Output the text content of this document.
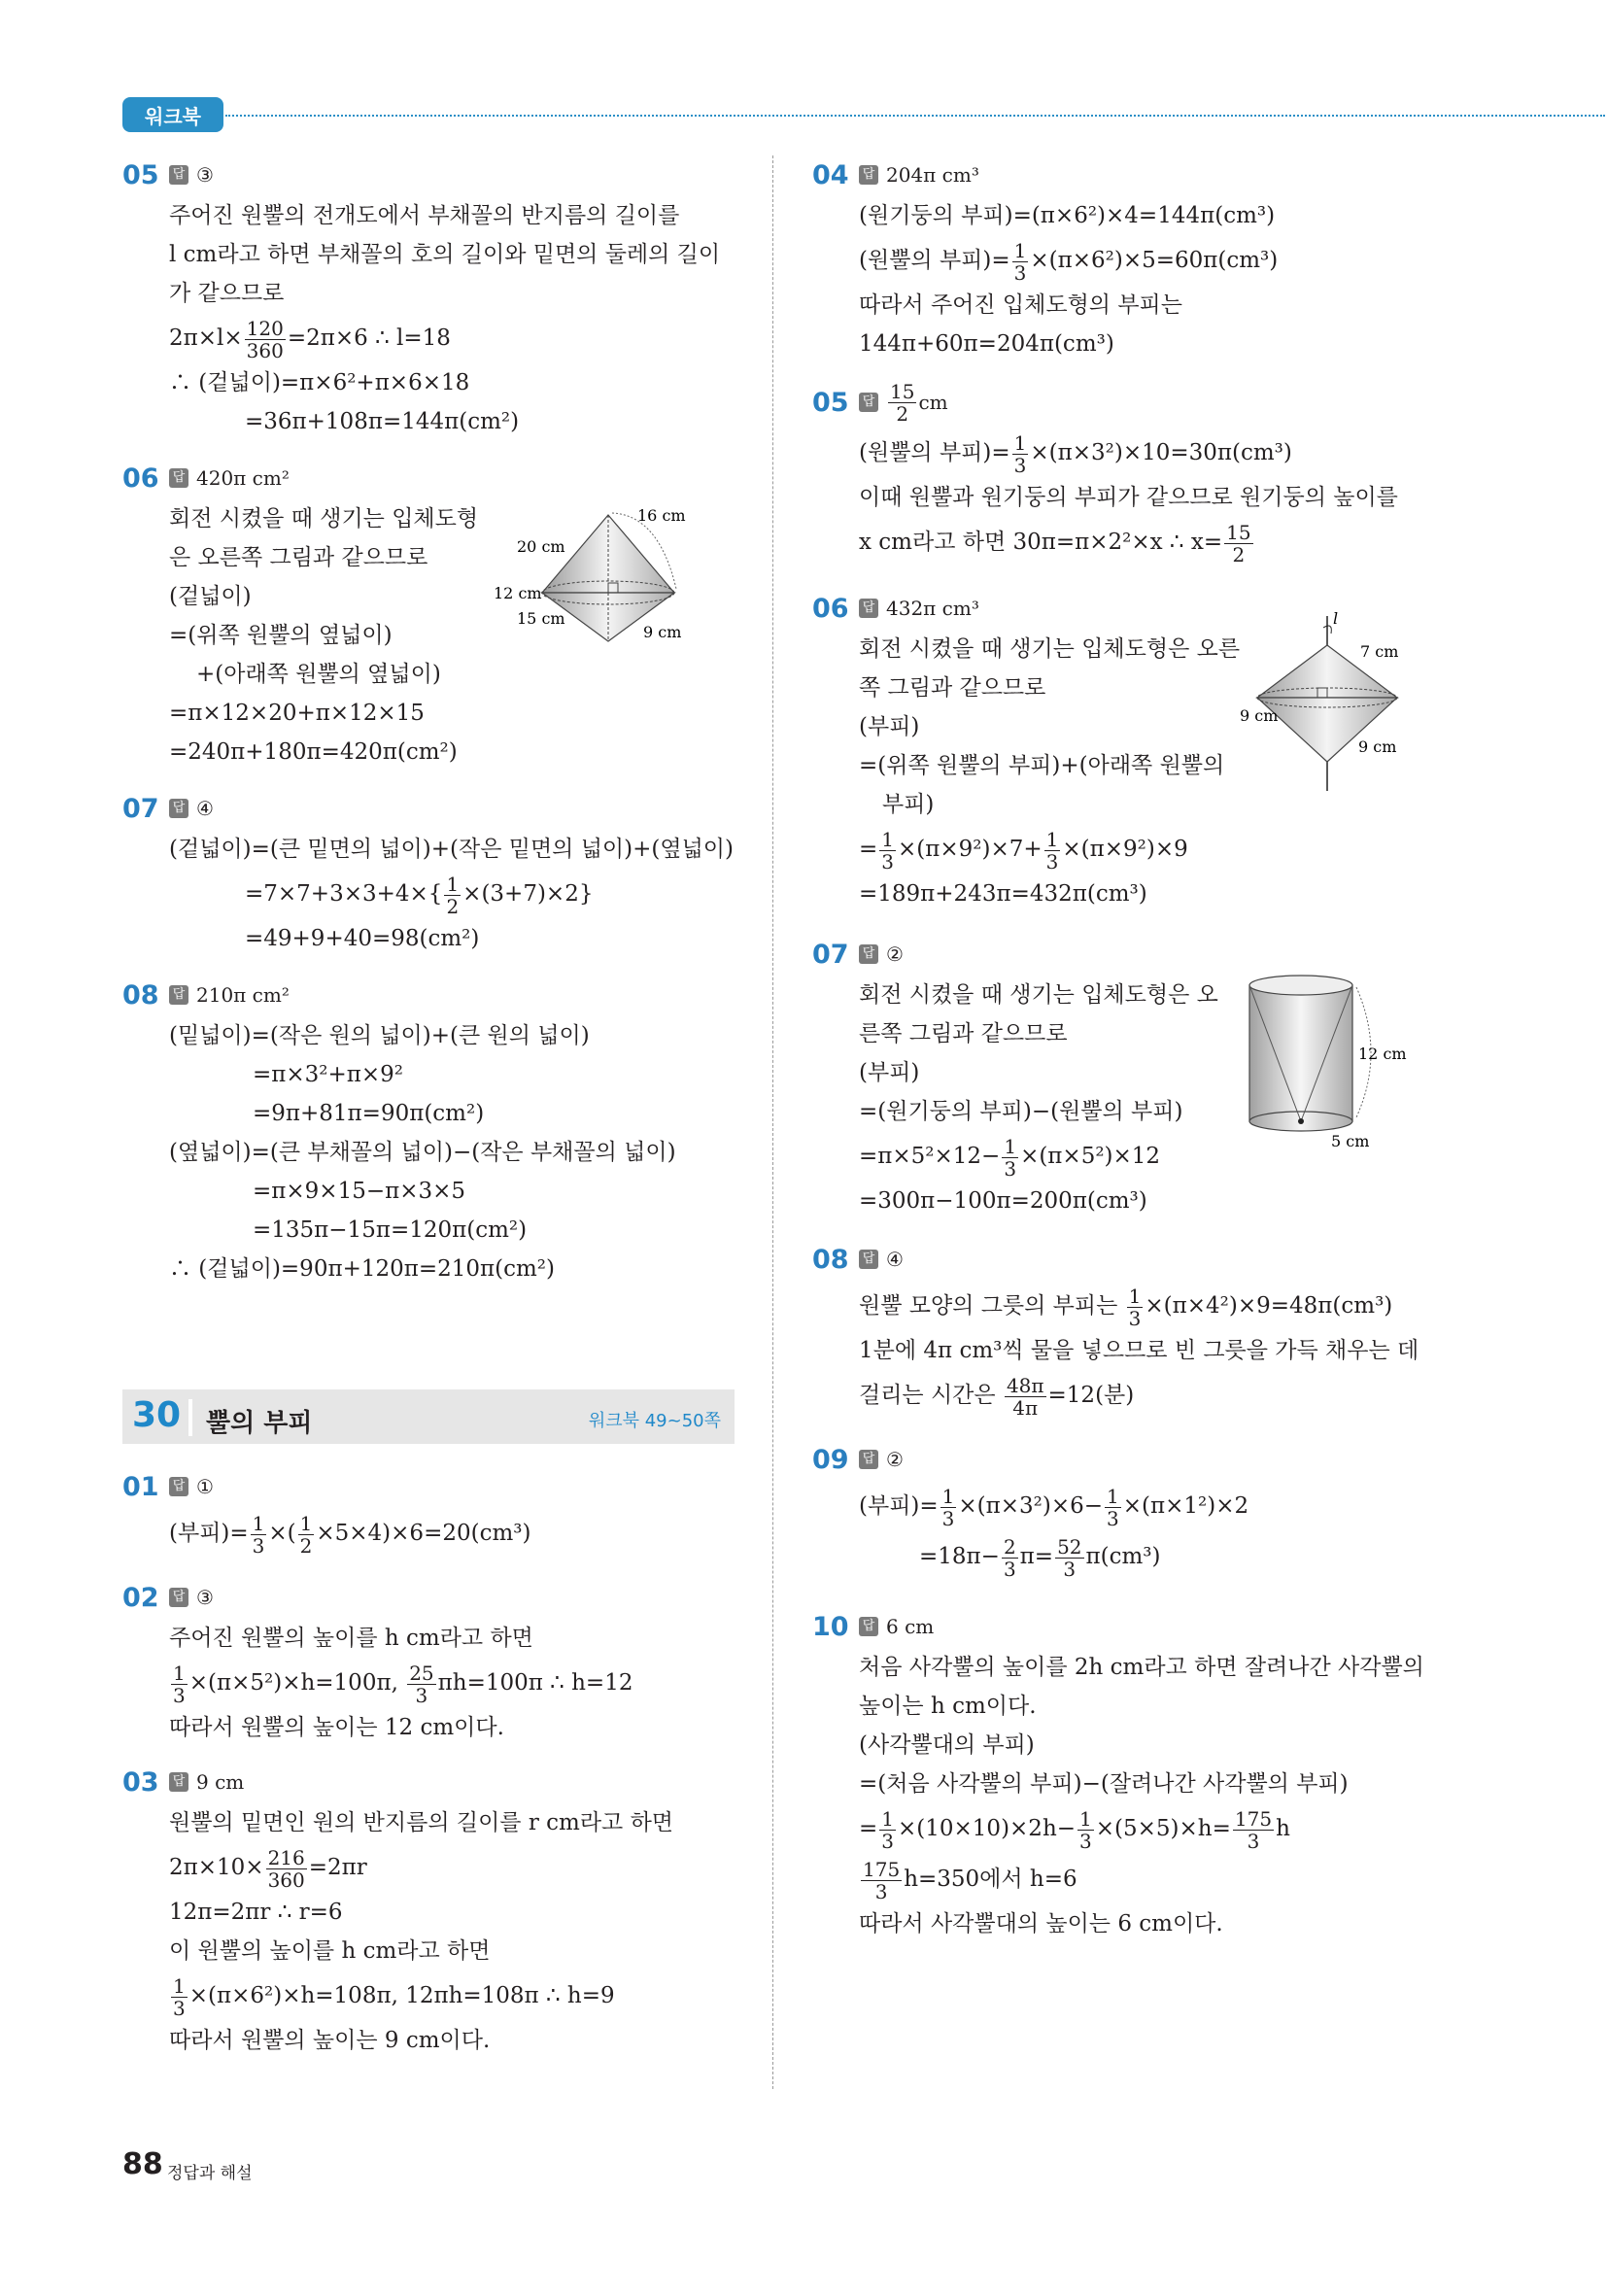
워크북
05	답 ③
주어진 원뿔의 전개도에서 부채꼴의 반지름의 길이를
l cm라고 하면 부채꼴의 호의 길이와 밑면의 둘레의 길이
가 같으므로
$2\pi\times l\times \frac{120}{360} =2\pi\times 6$ ∴ l=18
∴ (겉넓이)=π×6²+π×6×18
=36π+108π=144π(cm²)
06	답 420π cm²
회전 시켰을 때 생기는 입체도형
은 오른쪽 그림과 같으므로
(겉넓이)
=(위쪽 원뿔의 옆넓이)
+(아래쪽 원뿔의 옆넓이)
=π×12×20+π×12×15
=240π+180π=420π(cm²)
16 cm
20 cm
12 cm
15 cm
9 cm
07	답 ④
(겉넓이)=(큰 밑면의 넓이)+(작은 밑면의 넓이)+(옆넓이)
$=7\times 7+3\times 3+4\times\{ \frac{1}{2} \times(3+7)\times 2\}$
=49+9+40=98(cm²)
08	답 210π cm²
(밑넓이)=(작은 원의 넓이)+(큰 원의 넓이)
=π×3²+π×9²
=9π+81π=90π(cm²)
(옆넓이)=(큰 부채꼴의 넓이)−(작은 부채꼴의 넓이)
=π×9×15−π×3×5
=135π−15π=120π(cm²)
∴ (겉넓이)=90π+120π=210π(cm²)
30 뿔의 부피	워크북 49~50쪽
01	답 ①
(부피)= $\frac{1}{3}$ ×( $\frac{1}{2} \times 5\times 4)\times 6=20(cm^3)$
02	답 ③
주어진 원뿔의 높이를 h cm라고 하면
$\frac{1}{3} \times(\pi\times 5^2)\times h=100\pi$, $\frac{25}{3} \pi h=100\pi$ ∴ h=12
따라서 원뿔의 높이는 12 cm이다.
03	답 9 cm
원뿔의 밑면인 원의 반지름의 길이를 r cm라고 하면
$2\pi\times 10\times \frac{216}{360} =2\pi r$
12π=2πr ∴ r=6
이 원뿔의 높이를 h cm라고 하면
$\frac{1}{3} \times(\pi\times 6^2)\times h=108\pi$, 12πh=108π ∴ h=9
따라서 원뿔의 높이는 9 cm이다.
04	답 204π cm³
(원기둥의 부피)=(π×6²)×4=144π(cm³)
(원뿔의 부피)= $\frac{1}{3} \times(\pi\times 6^2)\times 5=60\pi(cm^3)$
따라서 주어진 입체도형의 부피는
144π+60π=204π(cm³)
05	답 $\frac{15}{2}$ cm
(원뿔의 부피)= $\frac{1}{3} \times(\pi\times 3^2)\times 10=30\pi(cm^3)$
이때 원뿔과 원기둥의 부피가 같으므로 원기둥의 높이를
x cm라고 하면 30π=π×2²×x ∴ $x= \frac{15}{2}$
06	답 432π cm³
회전 시켰을 때 생기는 입체도형은 오른
쪽 그림과 같으므로
(부피)
=(위쪽 원뿔의 부피)+(아래쪽 원뿔의
부피)
= $\frac{1}{3} \times(\pi\times 9^2)\times 7+ \frac{1}{3} \times(\pi\times 9^2)\times 9$
=189π+243π=432π(cm³)
l
7 cm
9 cm
9 cm
07	답 ②
회전 시켰을 때 생기는 입체도형은 오
른쪽 그림과 같으므로
(부피)
=(원기둥의 부피)−(원뿔의 부피)
$=\pi\times 5^2\times 12- \frac{1}{3} \times(\pi\times 5^2)\times 12$
=300π−100π=200π(cm³)
12 cm
5 cm
08	답 ④
원뿔 모양의 그릇의 부피는 $\frac{1}{3} \times(\pi\times 4^2)\times 9=48\pi(cm^3)$
1분에 4π cm³씩 물을 넣으므로 빈 그릇을 가득 채우는 데
걸리는 시간은 $\frac{48\pi}{4\pi} =12$(분)
09	답 ②
(부피)= $\frac{1}{3} \times(\pi\times 3^2)\times 6- \frac{1}{3} \times(\pi\times 1^2)\times 2$
$=18\pi- \frac{2}{3} \pi= \frac{52}{3} \pi(cm^3)$
10	답 6 cm
처음 사각뿔의 높이를 2h cm라고 하면 잘려나간 사각뿔의
높이는 h cm이다.
(사각뿔대의 부피)
=(처음 사각뿔의 부피)−(잘려나간 사각뿔의 부피)
= $\frac{1}{3} \times(10\times 10)\times 2h- \frac{1}{3} \times(5\times 5)\times h= \frac{175}{3}$ h
$\frac{175}{3} h=350$에서 h=6
따라서 사각뿔대의 높이는 6 cm이다.
88 정답과 해설
